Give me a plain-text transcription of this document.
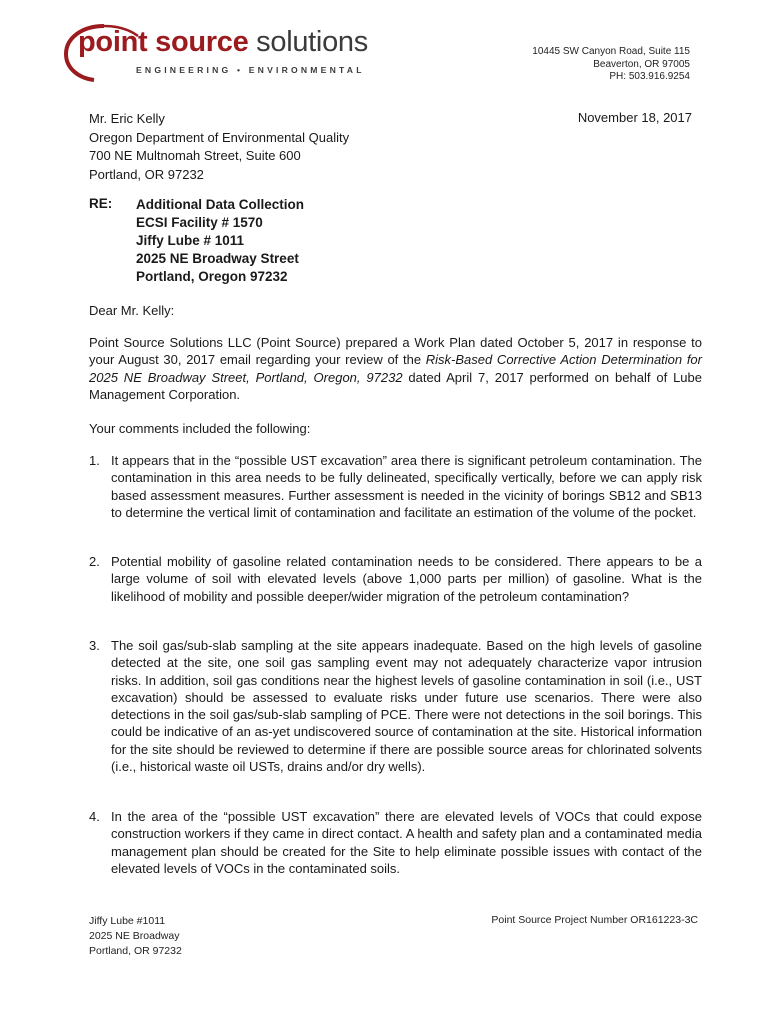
point source solutions
ENGINEERING • ENVIRONMENTAL
10445 SW Canyon Road, Suite 115
Beaverton, OR 97005
PH: 503.916.9254
Mr. Eric Kelly
Oregon Department of Environmental Quality
700 NE Multnomah Street, Suite 600
Portland, OR 97232
November 18, 2017
RE: Additional Data Collection
ECSI Facility # 1570
Jiffy Lube # 1011
2025 NE Broadway Street
Portland, Oregon 97232
Dear Mr. Kelly:
Point Source Solutions LLC (Point Source) prepared a Work Plan dated October 5, 2017 in response to your August 30, 2017 email regarding your review of the Risk-Based Corrective Action Determination for 2025 NE Broadway Street, Portland, Oregon, 97232 dated April 7, 2017 performed on behalf of Lube Management Corporation.
Your comments included the following:
1. It appears that in the “possible UST excavation” area there is significant petroleum contamination. The contamination in this area needs to be fully delineated, specifically vertically, before we can apply risk based assessment measures. Further assessment is needed in the vicinity of borings SB12 and SB13 to determine the vertical limit of contamination and facilitate an estimation of the volume of the pocket.
2. Potential mobility of gasoline related contamination needs to be considered. There appears to be a large volume of soil with elevated levels (above 1,000 parts per million) of gasoline. What is the likelihood of mobility and possible deeper/wider migration of the petroleum contamination?
3. The soil gas/sub-slab sampling at the site appears inadequate. Based on the high levels of gasoline detected at the site, one soil gas sampling event may not adequately characterize vapor intrusion risks. In addition, soil gas conditions near the highest levels of gasoline contamination in soil (i.e., UST excavation) should be assessed to evaluate risks under future use scenarios. There were also detections in the soil gas/sub-slab sampling of PCE. There were not detections in the soil borings. This could be indicative of an as-yet undiscovered source of contamination at the site. Historical information for the site should be reviewed to determine if there are possible source areas for chlorinated solvents (i.e., historical waste oil USTs, drains and/or dry wells).
4. In the area of the “possible UST excavation” there are elevated levels of VOCs that could expose construction workers if they came in direct contact. A health and safety plan and a contaminated media management plan should be created for the Site to help eliminate possible issues with contact of the elevated levels of VOCs in the contaminated soils.
Jiffy Lube #1011
2025 NE Broadway
Portland, OR 97232
Point Source Project Number OR161223-3C
